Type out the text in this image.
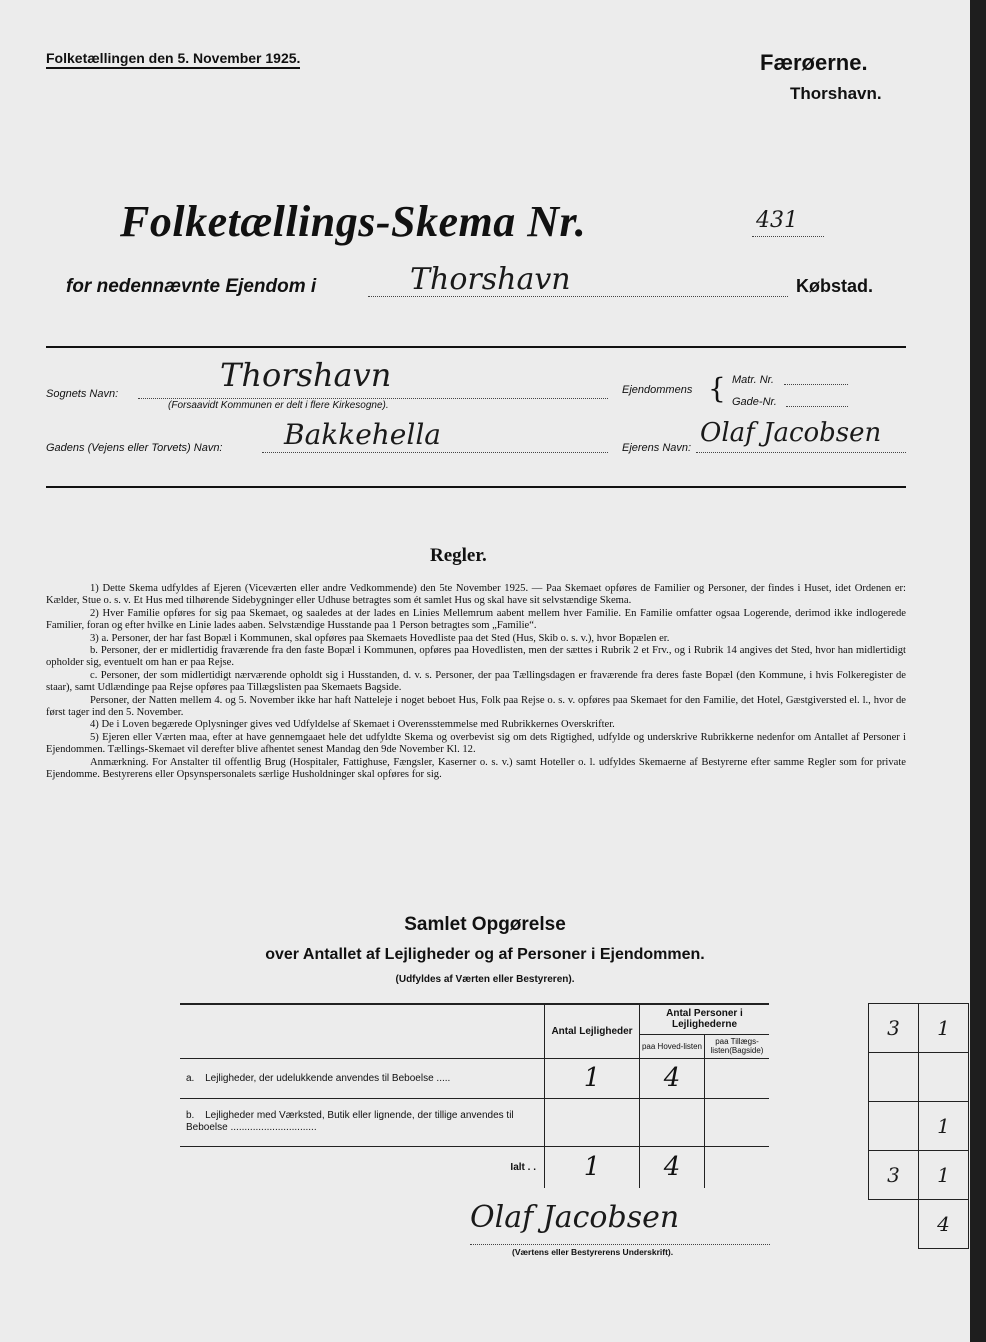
Folketællingen den 5. November 1925.	Færøerne.
Thorshavn.
Folketællings-Skema Nr.	431
for nedennævnte Ejendom i	Thorshavn	Købstad.
Sognets Navn:	Thorshavn
(Forsaavidt Kommunen er delt i flere Kirkesogne).
Ejendommens { Matr. Nr.
Gade-Nr.
Gadens (Vejens eller Torvets) Navn: Bakkehella	Ejerens Navn: Olaf Jacobsen
Regler.

1) Dette Skema udfyldes af Ejeren (Viceværten eller andre Vedkommende) den 5te November 1925. — Paa Skemaet opføres de Familier og Personer, der findes i Huset, idet Ordenen er: Kælder, Stue o. s. v. Et Hus med tilhørende Sidebygninger eller Udhuse betragtes som ét samlet Hus og skal have sit selvstændige Skema.

2) Hver Familie opføres for sig paa Skemaet, og saaledes at der lades en Linies Mellemrum aabent mellem hver Familie. En Familie omfatter ogsaa Logerende, derimod ikke indlogerede Familier, foran og efter hvilke en Linie lades aaben. Selvstændige Husstande paa 1 Person betragtes som „Familie“.

3) a. Personer, der har fast Bopæl i Kommunen, skal opføres paa Skemaets Hovedliste paa det Sted (Hus, Skib o. s. v.), hvor Bopælen er.

b. Personer, der er midlertidig fraværende fra den faste Bopæl i Kommunen, opføres paa Hovedlisten, men der sættes i Rubrik 2 et Frv., og i Rubrik 14 angives det Sted, hvor han midlertidigt opholder sig, eventuelt om han er paa Rejse.

c. Personer, der som midlertidigt nærværende opholdt sig i Husstanden, d. v. s. Personer, der paa Tællingsdagen er fraværende fra deres faste Bopæl (den Kommune, i hvis Folkeregister de staar), samt Udlændinge paa Rejse opføres paa Tillægslisten paa Skemaets Bagside.

Personer, der Natten mellem 4. og 5. November ikke har haft Natteleje i noget beboet Hus, Folk paa Rejse o. s. v. opføres paa Skemaet for den Familie, det Hotel, Gæstgiversted el. l., hvor de først tager ind den 5. November.

4) De i Loven begærede Oplysninger gives ved Udfyldelse af Skemaet i Overensstemmelse med Rubrikkernes Overskrifter.

5) Ejeren eller Værten maa, efter at have gennemgaaet hele det udfyldte Skema og overbevist sig om dets Rigtighed, udfylde og underskrive Rubrikkerne nedenfor om Antallet af Personer i Ejendommen. Tællings-Skemaet vil derefter blive afhentet senest Mandag den 9de November Kl. 12.

Anmærkning. For Anstalter til offentlig Brug (Hospitaler, Fattighuse, Fængsler, Kaserner o. s. v.) samt Hoteller o. l. udfyldes Skemaerne af Bestyrerne efter samme Regler som for private Ejendomme. Bestyrerens eller Opsynspersonalets særlige Husholdninger skal opføres for sig.

Samlet Opgørelse
over Antallet af Lejligheder og af Personer i Ejendommen.
(Udfyldes af Værten eller Bestyreren).
	Antal Lejligheder	Antal Personer i Lejlighederne	
		paa Hoved-listen	paa Tillægs-listen(Bagside)
a. Lejligheder, der udelukkende anvendes til Beboelse .....	1	4	
b. Lejligheder med Værksted, Butik eller lignende, der tillige anvendes til Beboelse ...............................			
Ialt . .	1	4	
3	1

	1
3	1
	4
Olaf Jacobsen
(Værtens eller Bestyrerens Underskrift).
